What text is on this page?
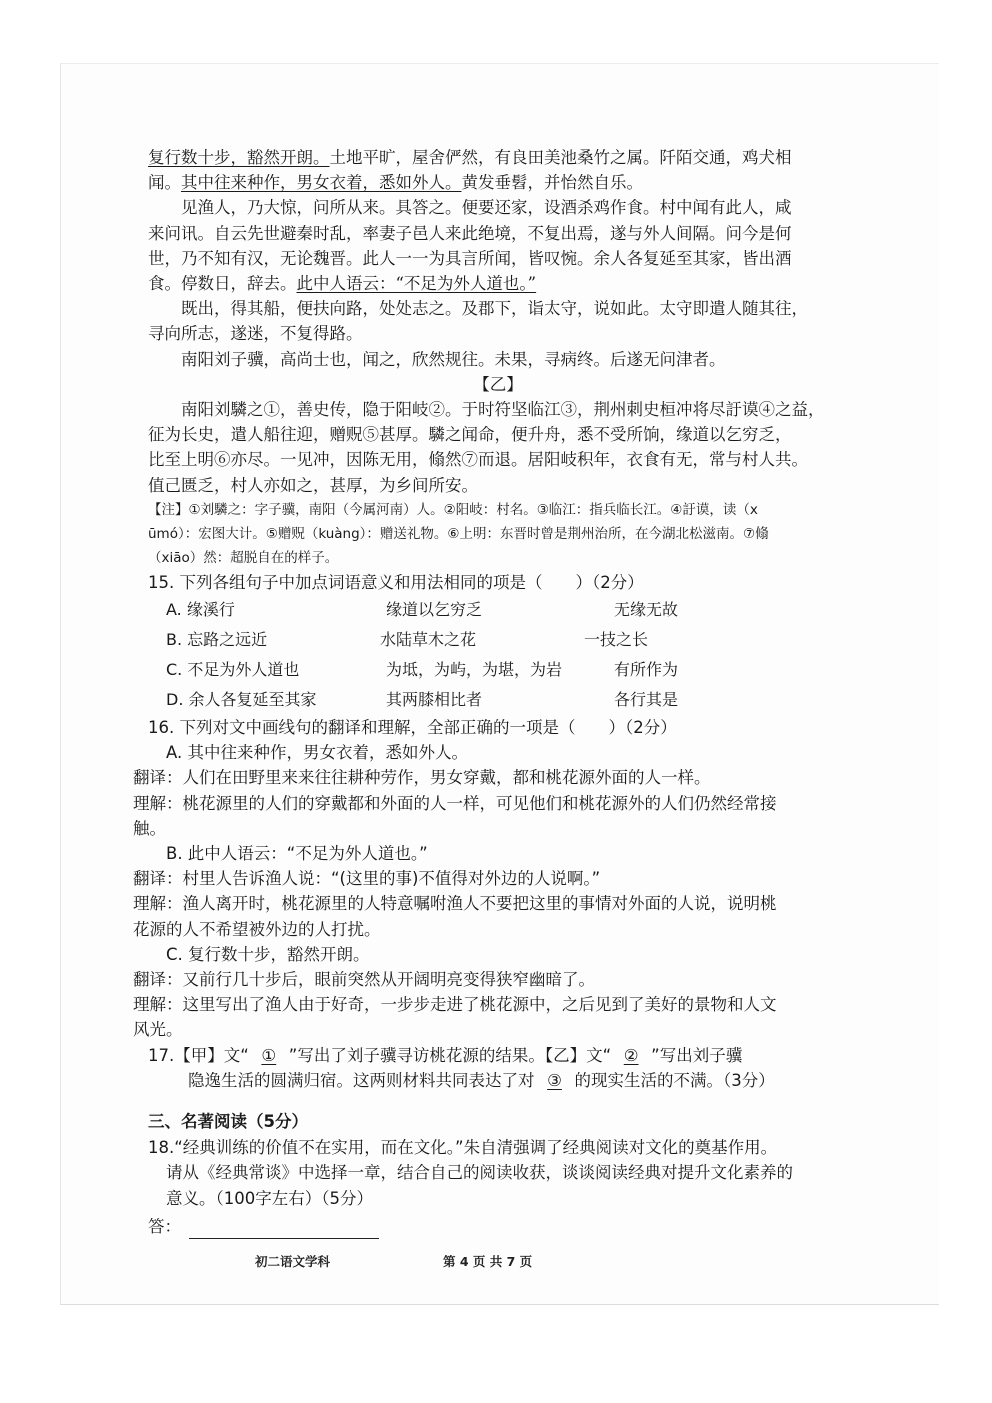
复行数十步，豁然开朗。土地平旷，屋舍俨然，有良田美池桑竹之属。阡陌交通，鸡犬相
闻。其中往来种作，男女衣着，悉如外人。黄发垂髫，并怡然自乐。
见渔人，乃大惊，问所从来。具答之。便要还家，设酒杀鸡作食。村中闻有此人，咸
来问讯。自云先世避秦时乱，率妻子邑人来此绝境，不复出焉，遂与外人间隔。问今是何
世，乃不知有汉，无论魏晋。此人一一为具言所闻，皆叹惋。余人各复延至其家，皆出酒
食。停数日，辞去。此中人语云：“不足为外人道也。”
既出，得其船，便扶向路，处处志之。及郡下，诣太守，说如此。太守即遣人随其往，
寻向所志，遂迷，不复得路。
南阳刘子骥，高尚士也，闻之，欣然规往。未果，寻病终。后遂无问津者。
【乙】
南阳刘驎之①，善史传，隐于阳岐②。于时符坚临江③，荆州刺史桓冲将尽訏谟④之益，
征为长史，遣人船往迎，赠贶⑤甚厚。驎之闻命，便升舟，悉不受所饷，缘道以乞穷乏，
比至上明⑥亦尽。一见冲，因陈无用，翛然⑦而退。居阳岐积年，衣食有无，常与村人共。
值己匮乏，村人亦如之，甚厚，为乡间所安。
【注】①刘驎之：字子骥，南阳（今属河南）人。②阳岐：村名。③临江：指兵临长江。④訏谟，读（x
ūmó）：宏图大计。⑤赠贶（kuàng）：赠送礼物。⑥上明：东晋时曾是荆州治所，在今湖北松滋南。⑦翛
（xiāo）然：超脱自在的样子。
15. 下列各组句子中加点词语意义和用法相同的项是（　　）（2分）
A. 缘溪行	缘道以乞穷乏	无缘无故
B. 忘路之远近	水陆草木之花	一技之长
C. 不足为外人道也	为坻，为屿，为堪，为岩	有所作为
D. 余人各复延至其家	其两膝相比者	各行其是
16. 下列对文中画线句的翻译和理解，全部正确的一项是（　　）（2分）
A. 其中往来种作，男女衣着，悉如外人。
翻译：人们在田野里来来往往耕种劳作，男女穿戴，都和桃花源外面的人一样。
理解：桃花源里的人们的穿戴都和外面的人一样，可见他们和桃花源外的人们仍然经常接
触。
B. 此中人语云：“不足为外人道也。”
翻译：村里人告诉渔人说：“(这里的事)不值得对外边的人说啊。”
理解：渔人离开时，桃花源里的人特意嘱咐渔人不要把这里的事情对外面的人说，说明桃
花源的人不希望被外边的人打扰。
C. 复行数十步，豁然开朗。
翻译：又前行几十步后，眼前突然从开阔明亮变得狭窄幽暗了。
理解：这里写出了渔人由于好奇，一步步走进了桃花源中，之后见到了美好的景物和人文
风光。
17.【甲】文“ ① ”写出了刘子骥寻访桃花源的结果。【乙】文“ ② ”写出刘子骥
隐逸生活的圆满归宿。这两则材料共同表达了对 ③ 的现实生活的不满。（3分）
三、名著阅读（5分）
18.“经典训练的价值不在实用，而在文化。”朱自清强调了经典阅读对文化的奠基作用。
请从《经典常谈》中选择一章，结合自己的阅读收获，谈谈阅读经典对提升文化素养的
意义。（100字左右）（5分）
答：
初二语文学科	第 4 页 共 7 页
